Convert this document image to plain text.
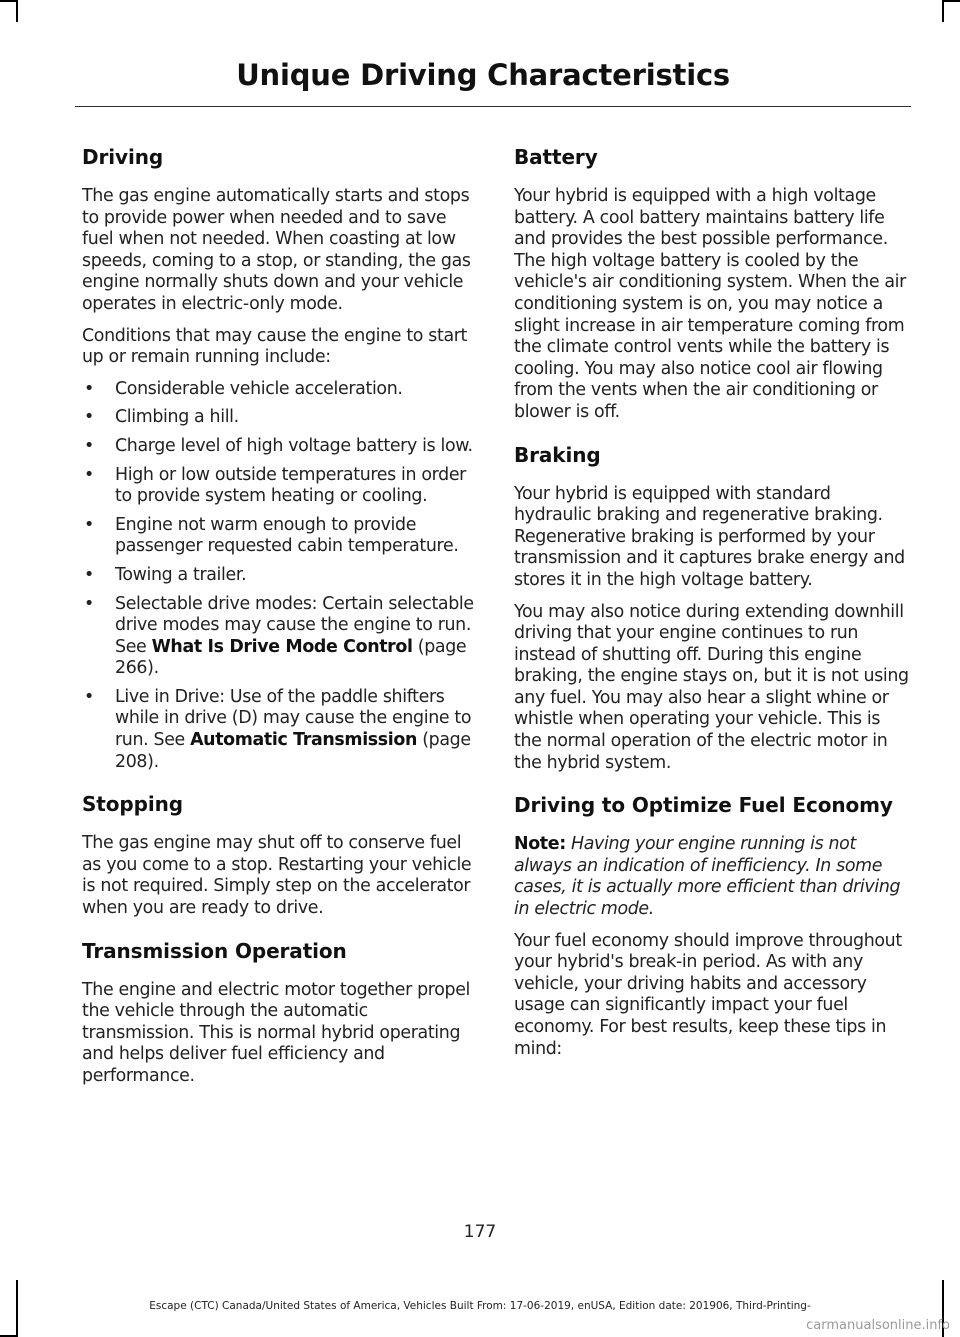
Unique Driving Characteristics
Driving

The gas engine automatically starts and stops to provide power when needed and to save fuel when not needed. When coasting at low speeds, coming to a stop, or standing, the gas engine normally shuts down and your vehicle operates in electric-only mode.

Conditions that may cause the engine to start up or remain running include:

• Considerable vehicle acceleration.
• Climbing a hill.
• Charge level of high voltage battery is low.
• High or low outside temperatures in order to provide system heating or cooling.
• Engine not warm enough to provide passenger requested cabin temperature.
• Towing a trailer.
• Selectable drive modes: Certain selectable drive modes may cause the engine to run. See What Is Drive Mode Control (page 266).
• Live in Drive: Use of the paddle shifters while in drive (D) may cause the engine to run. See Automatic Transmission (page 208).
Stopping

The gas engine may shut off to conserve fuel as you come to a stop. Restarting your vehicle is not required. Simply step on the accelerator when you are ready to drive.

Transmission Operation

The engine and electric motor together propel the vehicle through the automatic transmission. This is normal hybrid operating and helps deliver fuel efficiency and performance.

Battery

Your hybrid is equipped with a high voltage battery. A cool battery maintains battery life and provides the best possible performance. The high voltage battery is cooled by the vehicle's air conditioning system. When the air conditioning system is on, you may notice a slight increase in air temperature coming from the climate control vents while the battery is cooling. You may also notice cool air flowing from the vents when the air conditioning or blower is off.

Braking

Your hybrid is equipped with standard hydraulic braking and regenerative braking. Regenerative braking is performed by your transmission and it captures brake energy and stores it in the high voltage battery.

You may also notice during extending downhill driving that your engine continues to run instead of shutting off. During this engine braking, the engine stays on, but it is not using any fuel. You may also hear a slight whine or whistle when operating your vehicle. This is the normal operation of the electric motor in the hybrid system.

Driving to Optimize Fuel Economy

Note: Having your engine running is not always an indication of inefficiency. In some cases, it is actually more efficient than driving in electric mode.

Your fuel economy should improve throughout your hybrid's break-in period. As with any vehicle, your driving habits and accessory usage can significantly impact your fuel economy. For best results, keep these tips in mind:

177
Escape (CTC) Canada/United States of America, Vehicles Built From: 17-06-2019, enUSA, Edition date: 201906, Third-Printing-
carmanualsonline.info
